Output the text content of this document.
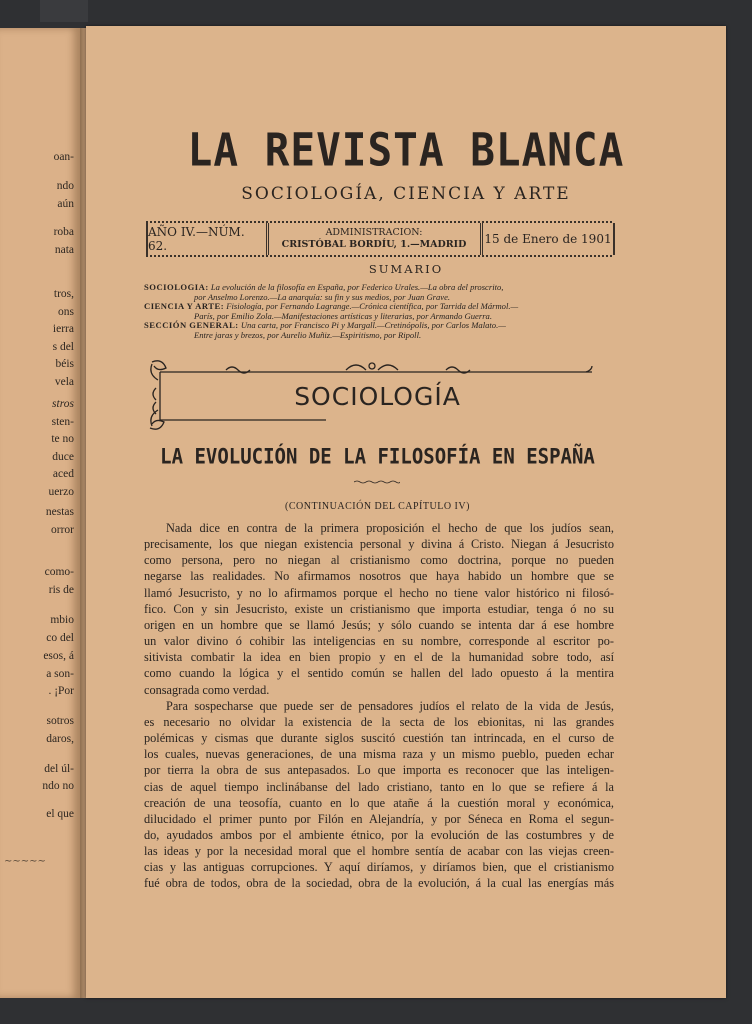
∼∼∼∼∼
oan-
ndo
aún
roba
nata
tros,
ons
ierra
s del
béis
vela
stros
sten-
te no
duce
aced
uerzo
nestas
orror
como-
ris de
mbio
co del
esos, á
a son-
. ¡Por
sotros
daros,
del úl-
ndo no
el que
LA REVISTA BLANCA
SOCIOLOGÍA, CIENCIA Y ARTE
AÑO IV.—NÚM. 62.
ADMINISTRACION:
CRISTÓBAL BORDÍU, 1.—MADRID	15 de Enero de 1901
SUMARIO

SOCIOLOGIA: La evolución de la filosofía en España, por Federico Urales.—La obra del proscrito,

por Anselmo Lorenzo.—La anarquía: su fin y sus medios, por Juan Grave.

CIENCIA Y ARTE: Fisiología, por Fernando Lagrange.—Crónica científica, por Tarrida del Mármol.—

París, por Emilio Zola.—Manifestaciones artísticas y literarias, por Armando Guerra.

SECCIÓN GENERAL: Una carta, por Francisco Pi y Margall.—Cretinópolis, por Carlos Malato.—

Entre jaras y brezos, por Aurelio Muñiz.—Espiritismo, por Ripoll.

SOCIOLOGÍA
LA EVOLUCIÓN DE LA FILOSOFÍA EN ESPAÑA
(CONTINUACIÓN DEL CAPÍTULO IV)
Nada dice en contra de la primera proposición el hecho de que los judíos sean,
precisamente, los que niegan existencia personal y divina á Cristo. Niegan á Jesucristo
como persona, pero no niegan al cristianismo como doctrina, porque no pueden
negarse las realidades. No afirmamos nosotros que haya habido un hombre que se
llamó Jesucristo, y no lo afirmamos porque el hecho no tiene valor histórico ni filosó-
fico. Con y sin Jesucristo, existe un cristianismo que importa estudiar, tenga ó no su
origen en un hombre que se llamó Jesús; y sólo cuando se intenta dar á ese hombre
un valor divino ó cohibir las inteligencias en su nombre, corresponde al escritor po-
sitivista combatir la idea en bien propio y en el de la humanidad sobre todo, así
como cuando la lógica y el sentido común se hallen del lado opuesto á la mentira
consagrada como verdad.
Para sospecharse que puede ser de pensadores judíos el relato de la vida de Jesús,
es necesario no olvidar la existencia de la secta de los ebionitas, ni las grandes
polémicas y cismas que durante siglos suscitó cuestión tan intrincada, en el curso de
los cuales, nuevas generaciones, de una misma raza y un mismo pueblo, pueden echar
por tierra la obra de sus antepasados. Lo que importa es reconocer que las inteligen-
cias de aquel tiempo inclinábanse del lado cristiano, tanto en lo que se refiere á la
creación de una teosofía, cuanto en lo que atañe á la cuestión moral y económica,
dilucidado el primer punto por Filón en Alejandría, y por Séneca en Roma el segun-
do, ayudados ambos por el ambiente étnico, por la evolución de las costumbres y de
las ideas y por la necesidad moral que el hombre sentía de acabar con las viejas creen-
cias y las antiguas corrupciones. Y aquí diríamos, y diríamos bien, que el cristianismo
fué obra de todos, obra de la sociedad, obra de la evolución, á la cual las energías más
